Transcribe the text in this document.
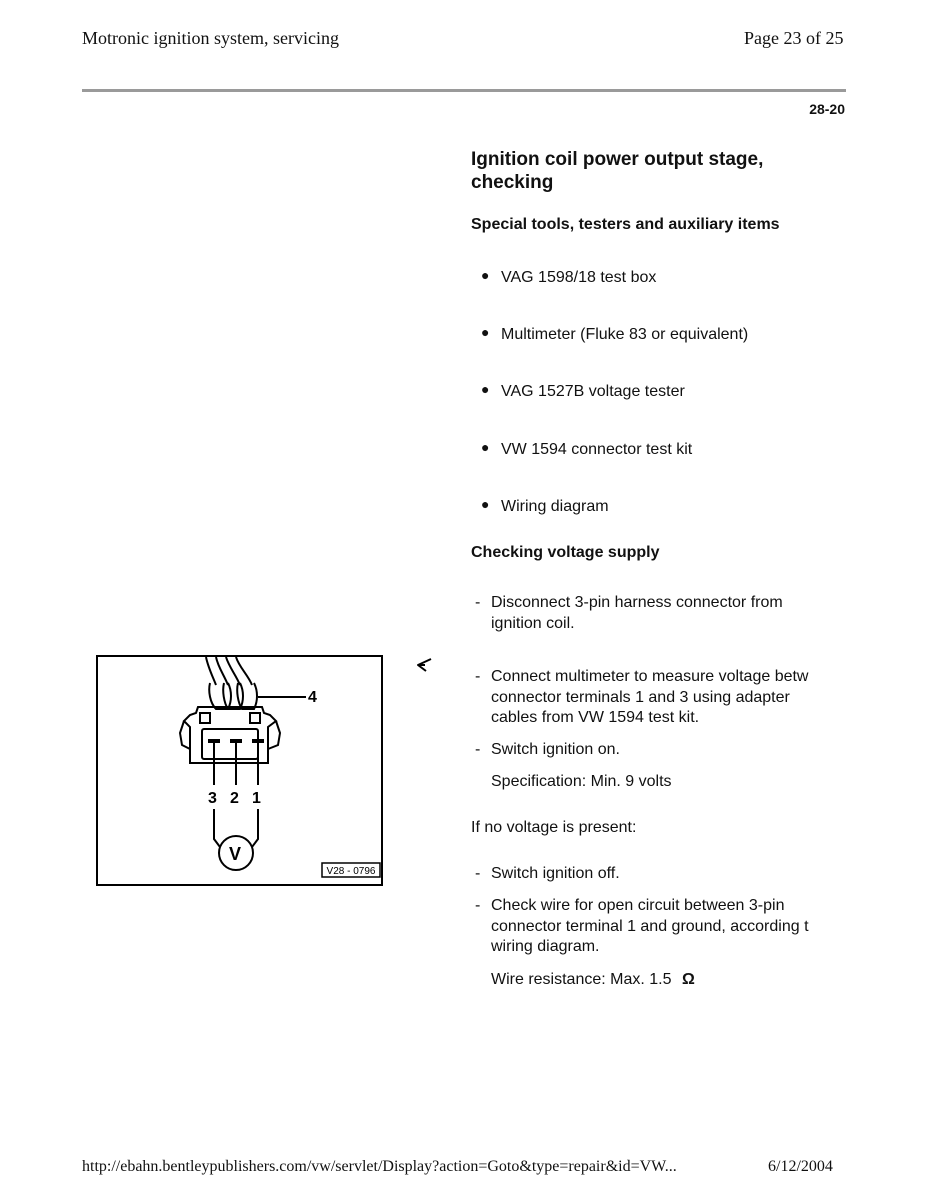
Motronic ignition system, servicing	Page 23 of 25
28-20
Ignition coil power output stage,
checking
Special tools, testers and auxiliary items
● VAG 1598/18 test box
● Multimeter (Fluke 83 or equivalent)
● VAG 1527B voltage tester
● VW 1594 connector test kit
● Wiring diagram
Checking voltage supply
- Disconnect 3-pin harness connector from
ignition coil.
- Connect multimeter to measure voltage betw
connector terminals 1 and 3 using adapter
cables from VW 1594 test kit.
- Switch ignition on.
Specification: Min. 9 volts
If no voltage is present:
- Switch ignition off.
- Check wire for open circuit between 3-pin
connector terminal 1 and ground, according t
wiring diagram.
Wire resistance: Max. 1.5 Ω
4
3 2 1
V
V28 - 0796
http://ebahn.bentleypublishers.com/vw/servlet/Display?action=Goto&type=repair&id=VW...	6/12/2004
